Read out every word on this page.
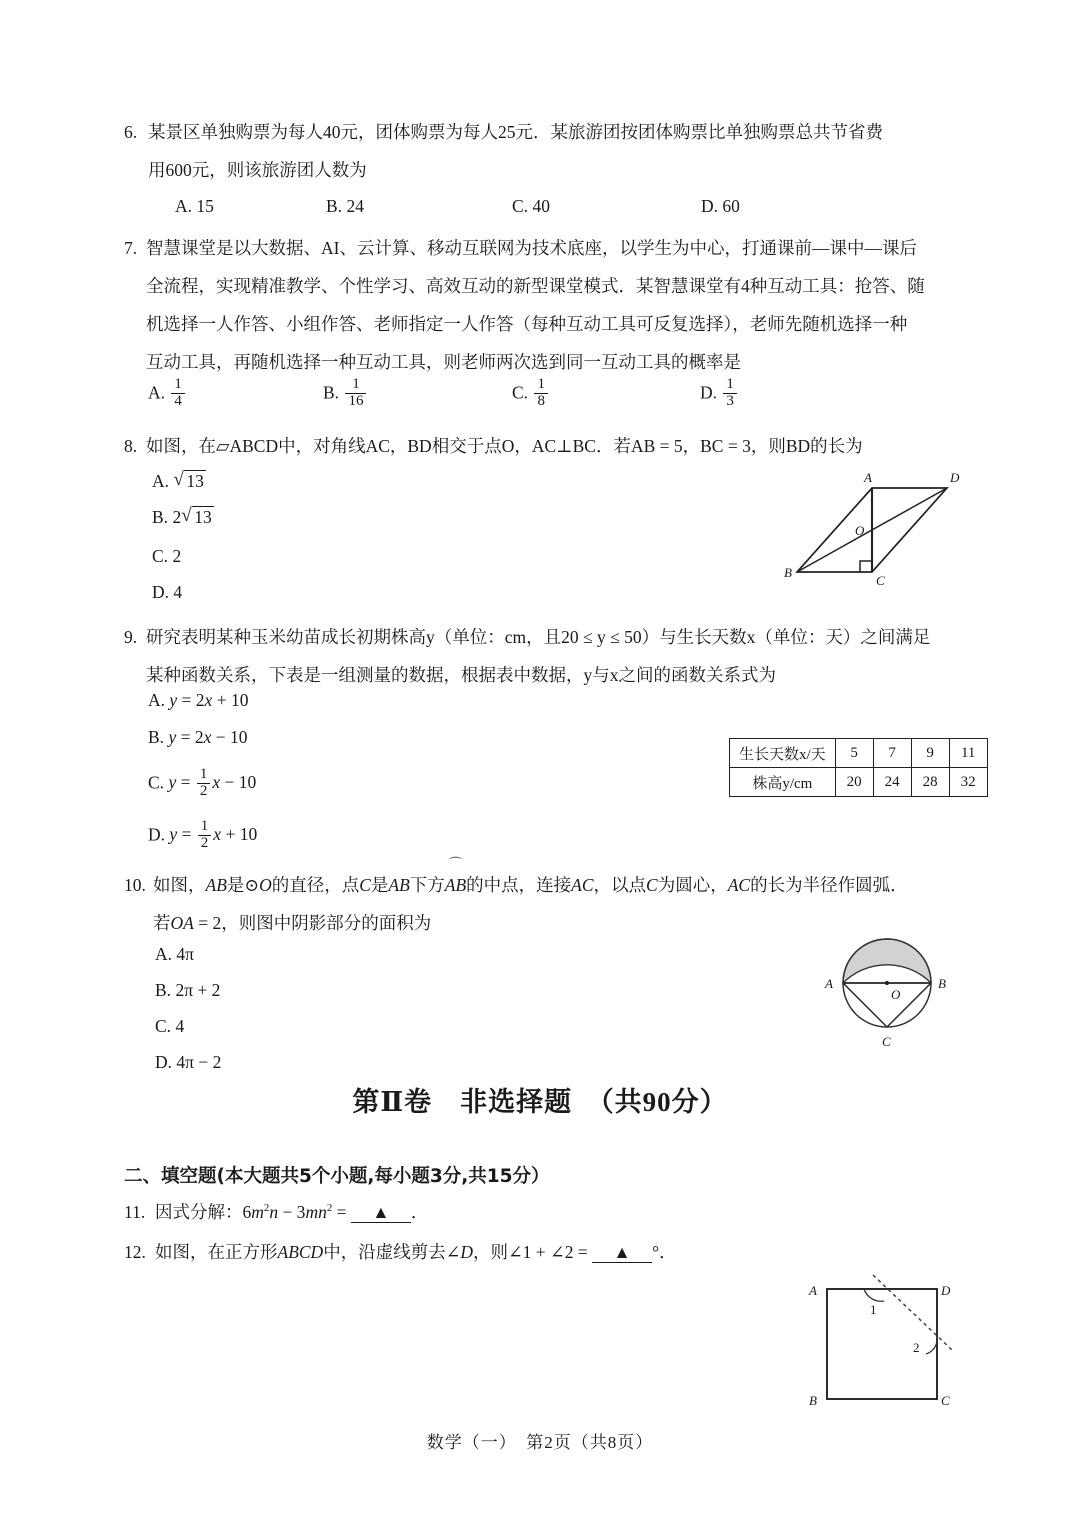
6. 某景区单独购票为每人40元，团体购票为每人25元．某旅游团按团体购票比单独购票总共节省费
用600元，则该旅游团人数为
A. 15	B. 24	C. 40	D. 60
7. 智慧课堂是以大数据、AI、云计算、移动互联网为技术底座，以学生为中心，打通课前—课中—课后
全流程，实现精准教学、个性学习、高效互动的新型课堂模式．某智慧课堂有4种互动工具：抢答、随
机选择一人作答、小组作答、老师指定一人作答（每种互动工具可反复选择），老师先随机选择一种
互动工具，再随机选择一种互动工具，则老师两次选到同一互动工具的概率是
A. $\frac{1}{4}$	B. $\frac{1}{16}$	C. $\frac{1}{8}$	D. $\frac{1}{3}$
8. 如图，在▱ABCD中，对角线AC，BD相交于点O，AC⊥BC．若AB = 5，BC = 3，则BD的长为
A. √ 13
B. 2 √ 13
C. 2
D. 4
A	D
O
B
C
9. 研究表明某种玉米幼苗成长初期株高y（单位：cm，且20 ≤ y ≤ 50）与生长天数x（单位：天）之间满足
某种函数关系，下表是一组测量的数据，根据表中数据，y与x之间的函数关系式为
A. y = 2x + 10
B. y = 2x − 10
C. $y = \frac{1}{2}$ x − 10
D. $y = \frac{1}{2}$ x + 10
生长天数x/天	5	7	9	11
株高y/cm	20	24	28	32
10. 如图，AB是⊙O的直径，点C是AB下方
⌒
AB的中点，连接AC，以点C为圆心，AC的长为半径作圆弧．
若OA = 2，则图中阴影部分的面积为
A. 4π
B. 2π + 2
C. 4
D. 4π − 2
A	B
O
C
第Ⅱ卷　非选择题　（共90分）
二、填空题(本大题共5个小题,每小题3分,共15分）
11. 因式分解：$6m^2n - 3mn^2$ = ▲ ．
12. 如图，在正方形ABCD中，沿虚线剪去∠D，则∠1 + ∠2 = ▲ °．
A	D
B	C
1
2
数学（一）　第2页（共8页）
